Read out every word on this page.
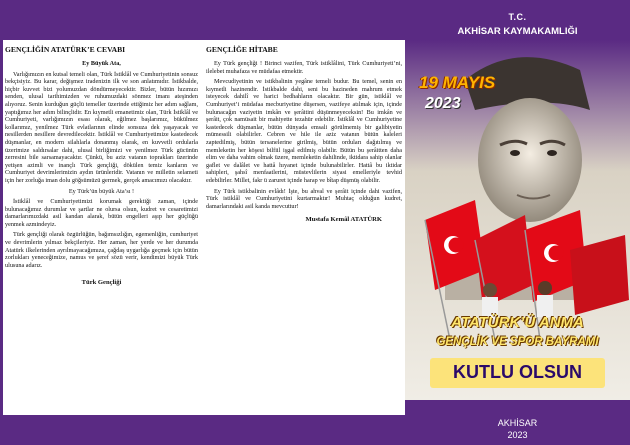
GENÇLİĞİN ATATÜRK’E CEVABI

Ey Büyük Ata,

Varlığımızın en kutsal temeli olan, Türk İstiklâl ve Cumhuriyetinin sonsuz bekçisiyiz. Bu karar, değişmez iradenizin ilk ve son anlatımıdır. İstikbalde, hiçbir kuvvet bizi yolumuzdan döndürmeyecektir. Bizler, bütün hızımızı senden, ulusal tarihimizden ve ruhumuzdaki sönmez imanı ateşinden alıyoruz. Senin kurduğun güçlü temeller üzerinde ettiğimiz her adım sağlam, yaptığımız her adım bilinçlidir. En kıymetli emanetimiz olan, Türk İstiklâl ve Cumhuriyeti, varlığımızın esası olarak, eğilmez başlarımız, bükülmez kollarımız, yenilmez Türk evlatlarının elinde sonsuza dek yaşayacak ve nesillerden nesillere devredilecektir. İstiklâl ve Cumhuriyetimize kastedecek düşmanlar, en modern silahlarla donanmış olarak, en kuvvetli ordularla üzerimize saldırsalar dahi, ulusal birliğimizi ve yenilmez Türk gücünün zerresini bile sarsamayacaktır. Çünkü, bu aziz vatanın toprakları üzerinde yetişen azimli ve inançlı Türk gençliği, dökülen temiz kanların ve Cumhuriyet devrimlerimizin aydın ürünleridir. Vatanın ve milletin selameti için her zorluğa iman dolu göğsümüzü germek, gerçek amacımızı olacaktır.

Ey Türk’ün büyük Ata’sı !

İstiklâl ve Cumhuriyetimizi korumak gerektiği zaman, içinde bulunacağımız durumlar ve şartlar ne olursa olsun, kudret ve cesaretimizi damarlarımızdaki asil kandan alarak, bütün engelleri aşıp her güçlüğü yenmek azmindeyiz.

Türk gençliği olarak özgürlüğün, bağımsızlığın, egemenliğin, cumhuriyet ve devrimlerin yılmaz bekçileriyiz. Her zaman, her yerde ve her durumda Atatürk ilkelerinden ayrılmayacağımıza, çağdaş uygarlığa geçmek için bütün zorlukları yeneceğimize, namus ve şeref sözü verir, kendimizi büyük Türk ulusuna adarız.

Türk Gençliği
GENÇLİĞE HİTABE

Ey Türk gençliği ! Birinci vazifen, Türk istiklâlini, Türk Cumhuriyeti’ni, ilelebet muhafaza ve müdafaa etmektir.

Mevcudiyetinin ve istikbalinin yegâne temeli budur. Bu temel, senin en kıymetli hazinendir. İstikbalde dahi, seni bu hazineden mahrum etmek isteyecek dahilî ve harici bedhahların olacaktır. Bir gün, istiklâl ve Cumhuriyet’i müdafaa mecburiyetine düşersen, vazifeye atılmak için, içinde bulunacağın vaziyetin imkân ve şerâitini düşünmeyeceksin! Bu imkân ve şerâit, çok namüsait bir mahiyette tezahür edebilir. İstiklâl ve Cumhuriyetine kastedecek düşmanlar, bütün dünyada emsali görülmemiş bir galibiyetin mümessili olabilirler. Cebren ve hile ile aziz vatanın bütün kaleleri zaptedilmiş, bütün tersanelerine girilmiş, bütün orduları dağıtılmış ve memleketin her köşesi bilfiil işgal edilmiş olabilir. Bütün bu şerâitten daha elim ve daha vahim olmak üzere, memleketin dahilinde, iktidara sahip olanlar gaflet ve dalâlet ve hattâ hıyanet içinde bulunabilirler. Hattâ bu iktidar sahipleri, şahsî menfaatlerini, müstevlilerin siyasi emelleriyle tevhid edebilirler. Millet, fakr ü zaruret içinde harap ve bîtap düşmüş olabilir.

Ey Türk istikbalinin evlâdı! İşte, bu ahval ve şerâit içinde dahi vazifen, Türk istiklâl ve Cumhuriyetini kurtarmaktır! Muhtaç olduğun kudret, damarlarındaki asil kanda mevcuttur!

Mustafa Kemâl ATATÜRK
T.C.
AKHİSAR KAYMAKAMLIĞI
19 MAYIS
2023
ATATÜRK’Ü ANMA
GENÇLİK VE SPOR BAYRAMI
KUTLU OLSUN
AKHİSAR
2023
